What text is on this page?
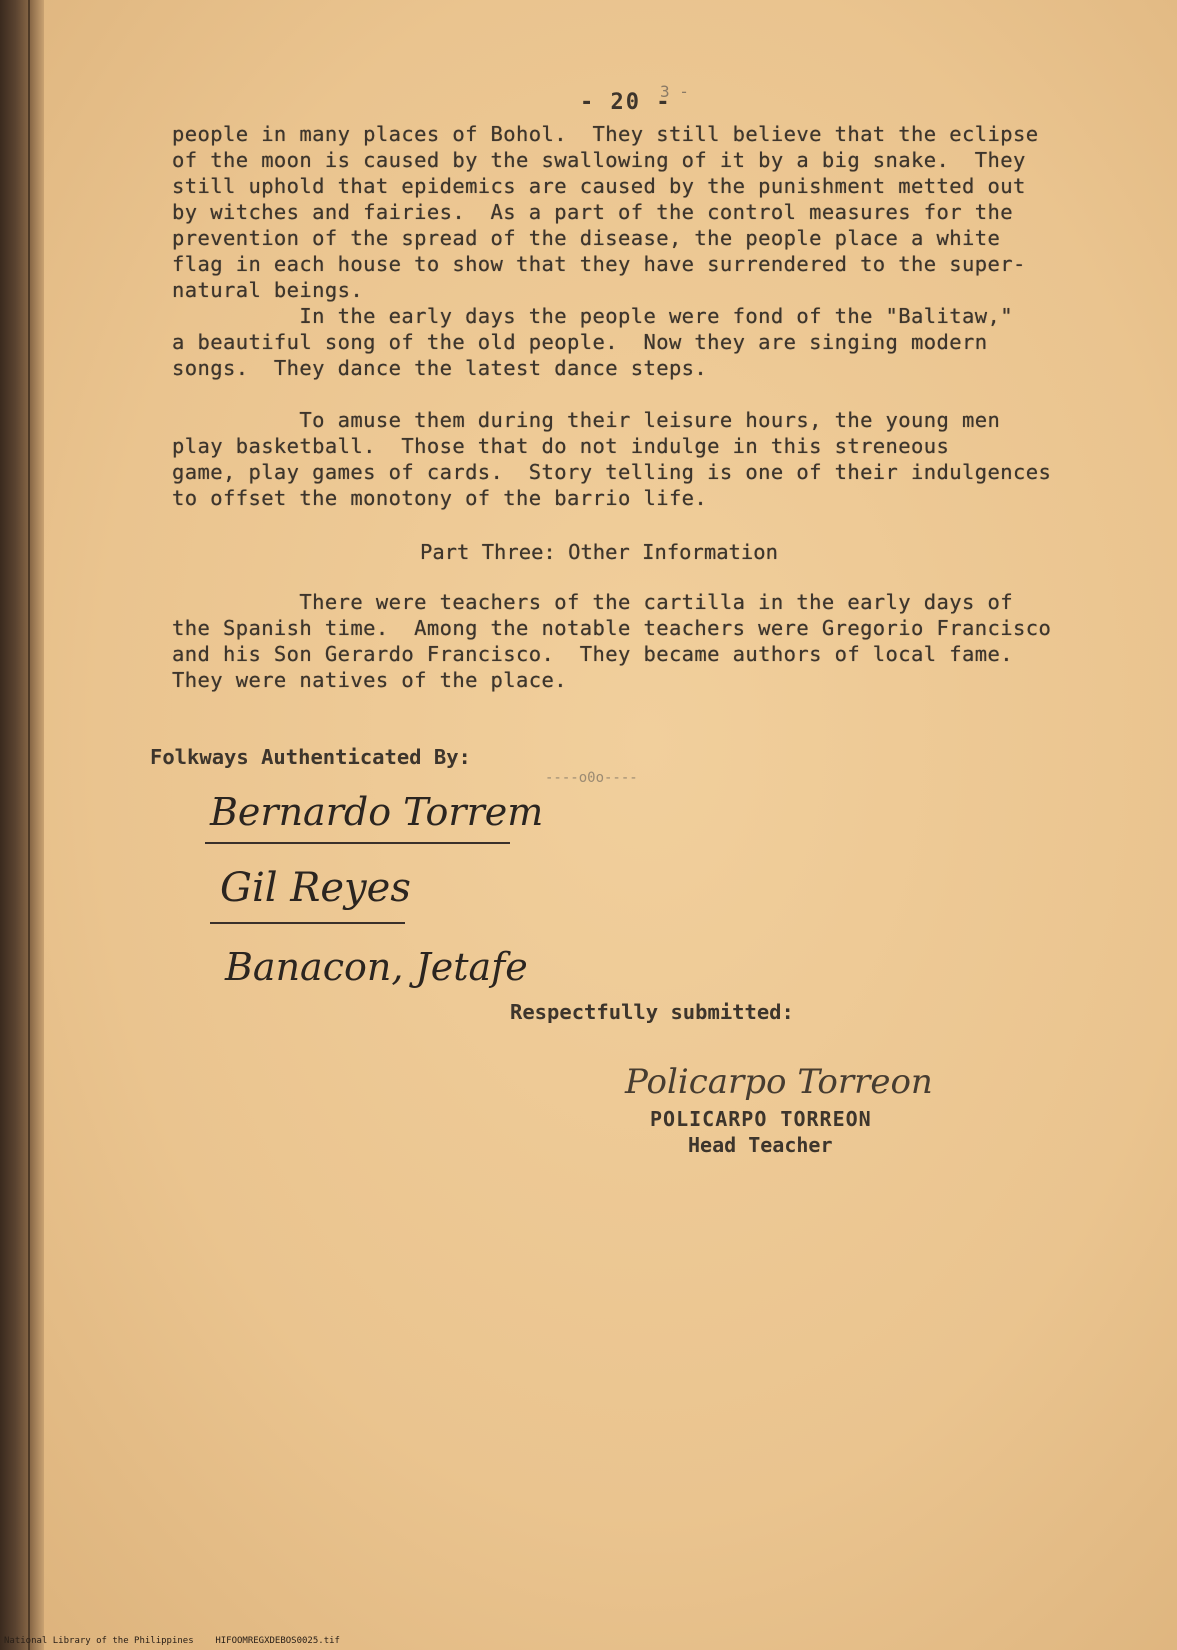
- 20 -
3 -
people in many places of Bohol.  They still believe that the eclipse
of the moon is caused by the swallowing of it by a big snake.  They
still uphold that epidemics are caused by the punishment metted out
by witches and fairies.  As a part of the control measures for the
prevention of the spread of the disease, the people place a white
flag in each house to show that they have surrendered to the super-
natural beings.
In the early days the people were fond of the "Balitaw,"
a beautiful song of the old people.  Now they are singing modern
songs.  They dance the latest dance steps.
To amuse them during their leisure hours, the young men
play basketball.  Those that do not indulge in this streneous
game, play games of cards.  Story telling is one of their indulgences
to offset the monotony of the barrio life.
Part Three: Other Information
There were teachers of the cartilla in the early days of
the Spanish time.  Among the notable teachers were Gregorio Francisco
and his Son Gerardo Francisco.  They became authors of local fame.
They were natives of the place.
Folkways Authenticated By:
----o0o----
Bernardo Torrem
Gil Reyes
Banacon, Jetafe
Respectfully submitted:
Policarpo Torreon
POLICARPO TORREON
Head Teacher
National Library of the Philippines    HIFOOMREGXDEBOS0025.tif
